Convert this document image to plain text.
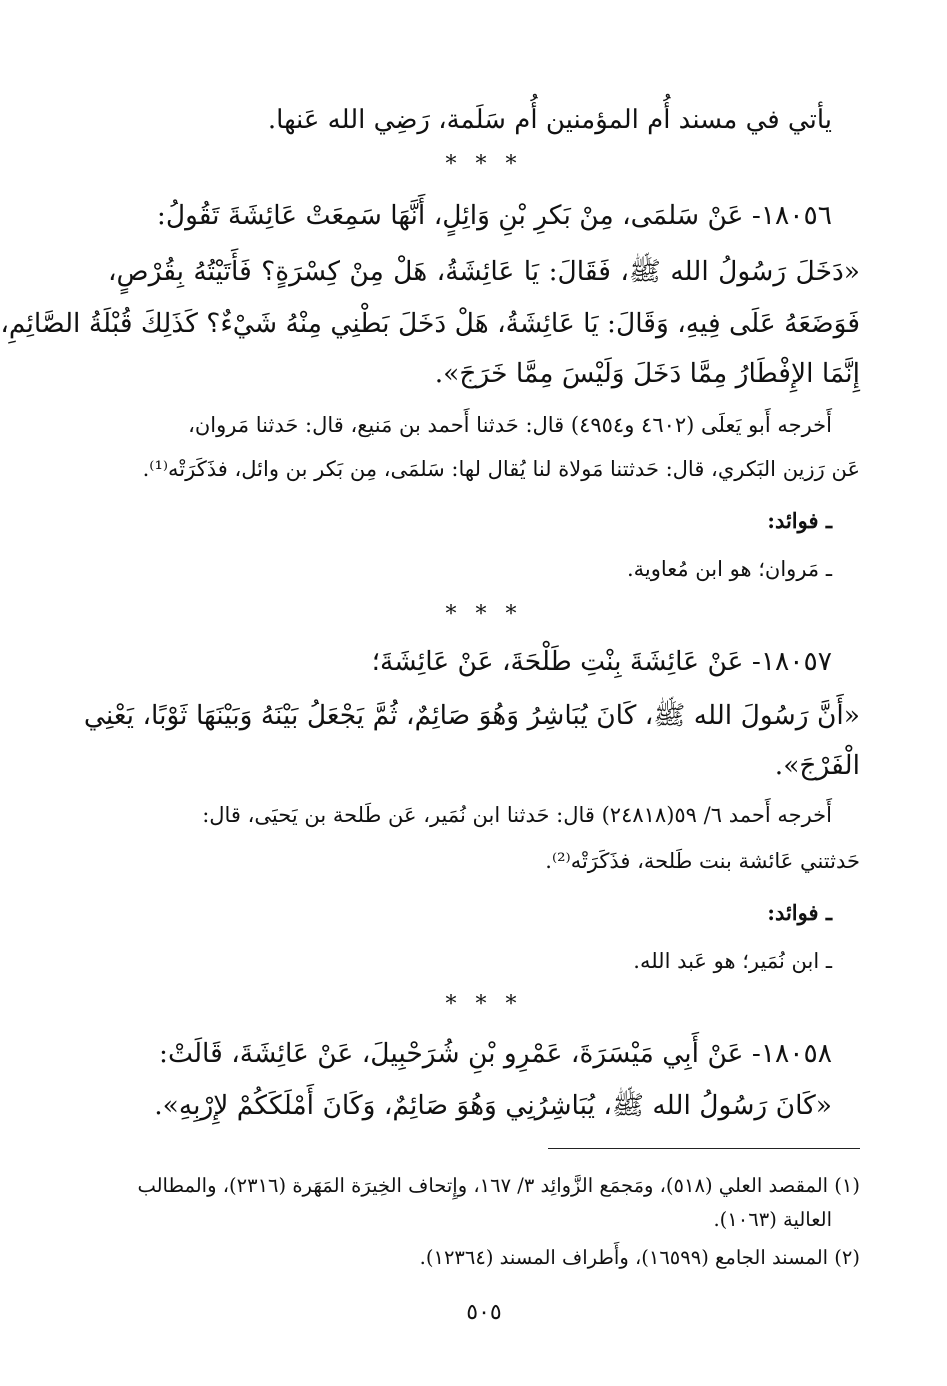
يأتي في مسند أُم المؤمنين أُم سَلَمة، رَضِي الله عَنها.
* * *
١٨٠٥٦- عَنْ سَلمَى، مِنْ بَكرِ بْنِ وَائِلٍ، أَنَّهَا سَمِعَتْ عَائِشَةَ تَقُولُ:
«دَخَلَ رَسُولُ الله ﷺ، فَقَالَ: يَا عَائِشَةُ، هَلْ مِنْ كِسْرَةٍ؟ فَأَتَيْتُهُ بِقُرْصٍ،
فَوَضَعَهُ عَلَى فِيهِ، وَقَالَ: يَا عَائِشَةُ، هَلْ دَخَلَ بَطْنِي مِنْهُ شَيْءٌ؟ كَذَلِكَ قُبْلَةُ الصَّائِمِ،
إِنَّمَا الإِفْطَارُ مِمَّا دَخَلَ وَلَيْسَ مِمَّا خَرَجَ».
أَخرجه أَبو يَعلَى (٤٦٠٢ و٤٩٥٤) قال: حَدثنا أَحمد بن مَنيع، قال: حَدثنا مَروان،
عَن رَزين البَكري، قال: حَدثتنا مَولاة لنا يُقال لها: سَلمَى، مِن بَكر بن وائل، فذَكَرَتْه⁽¹⁾.
ـ فوائد:
ـ مَروان؛ هو ابن مُعاوية.
* * *
١٨٠٥٧- عَنْ عَائِشَةَ بِنْتِ طَلْحَةَ، عَنْ عَائِشَةَ؛
«أَنَّ رَسُولَ الله ﷺ، كَانَ يُبَاشِرُ وَهُوَ صَائِمٌ، ثُمَّ يَجْعَلُ بَيْنَهُ وَبَيْنَهَا ثَوْبًا، يَعْنِي
الْفَرْجَ».
أَخرجه أَحمد ٦/ ٥٩(٢٤٨١٨) قال: حَدثنا ابن نُمَير، عَن طَلحة بن يَحيَى، قال:
حَدثتني عَائشة بنت طَلحة، فذَكَرَتْه⁽²⁾.
ـ فوائد:
ـ ابن نُمَير؛ هو عَبد الله.
* * *
١٨٠٥٨- عَنْ أَبِي مَيْسَرَةَ، عَمْرِو بْنِ شُرَحْبِيلَ، عَنْ عَائِشَةَ، قَالَتْ:
«كَانَ رَسُولُ الله ﷺ، يُبَاشِرُنِي وَهُوَ صَائِمٌ، وَكَانَ أَمْلَكَكُمْ لإِرْبِهِ».
(١) المقصد العلي (٥١٨)، ومَجمَع الزَّوائِد ٣/ ١٦٧، وإِتحاف الخِيرَة المَهَرة (٢٣١٦)، والمطالب
العالية (١٠٦٣).
(٢) المسند الجامع (١٦٥٩٩)، وأَطراف المسند (١٢٣٦٤).
٥٠٥
